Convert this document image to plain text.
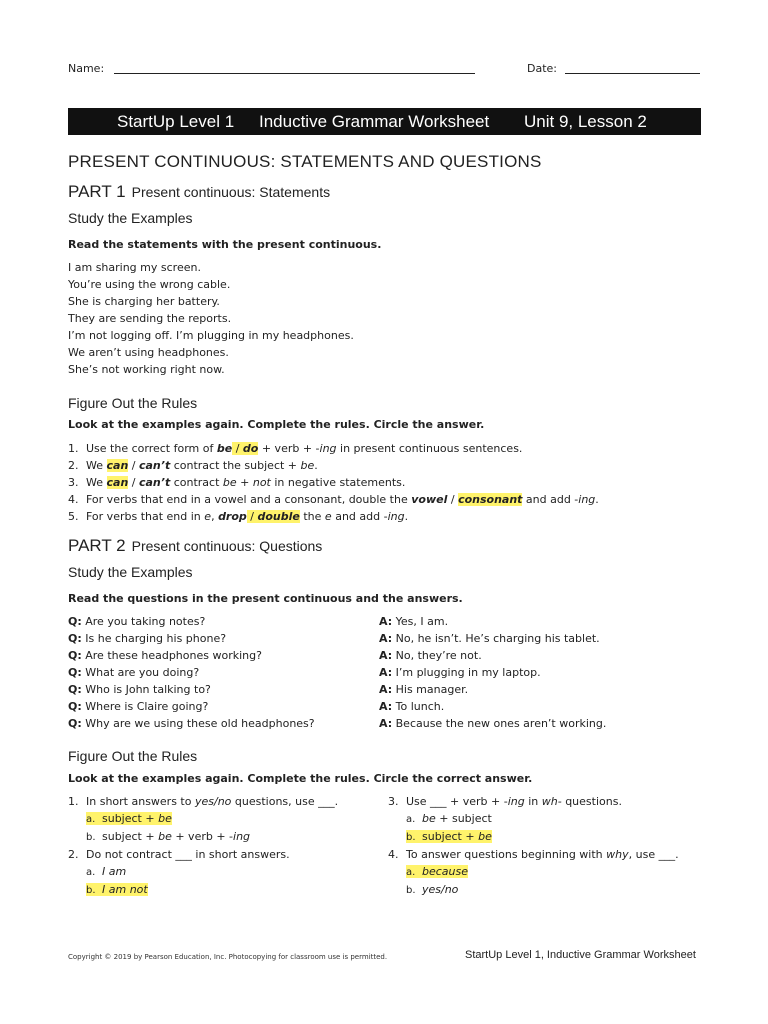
Name:	Date:
StartUp Level 1 Inductive Grammar Worksheet Unit 9, Lesson 2
PRESENT CONTINUOUS: STATEMENTS AND QUESTIONS
PART 1 Present continuous: Statements
Study the Examples
Read the statements with the present continuous.
I am sharing my screen.
You’re using the wrong cable.
She is charging her battery.
They are sending the reports.
I’m not logging off. I’m plugging in my headphones.
We aren’t using headphones.
She’s not working right now.
Figure Out the Rules
Look at the examples again. Complete the rules. Circle the answer.
1. Use the correct form of be / do + verb + -ing in present continuous sentences.
2. We can / can’t contract the subject + be.
3. We can / can’t contract be + not in negative statements.
4. For verbs that end in a vowel and a consonant, double the vowel / consonant and add -ing.
5. For verbs that end in e, drop / double the e and add -ing.
PART 2 Present continuous: Questions
Study the Examples
Read the questions in the present continuous and the answers.
Q: Are you taking notes?
Q: Is he charging his phone?
Q: Are these headphones working?
Q: What are you doing?
Q: Who is John talking to?
Q: Where is Claire going?
Q: Why are we using these old headphones?
A: Yes, I am.
A: No, he isn’t. He’s charging his tablet.
A: No, they’re not.
A: I’m plugging in my laptop.
A: His manager.
A: To lunch.
A: Because the new ones aren’t working.
Figure Out the Rules
Look at the examples again. Complete the rules. Circle the correct answer.
1. In short answers to yes/no questions, use ___.
a. subject + be
b. subject + be + verb + -ing
2. Do not contract ___ in short answers.
a. I am
b. I am not
3. Use ___ + verb + -ing in wh- questions.
a. be + subject
b. subject + be
4. To answer questions beginning with why, use ___.
a. because
b. yes/no
Copyright © 2019 by Pearson Education, Inc. Photocopying for classroom use is permitted.	StartUp Level 1, Inductive Grammar Worksheet
